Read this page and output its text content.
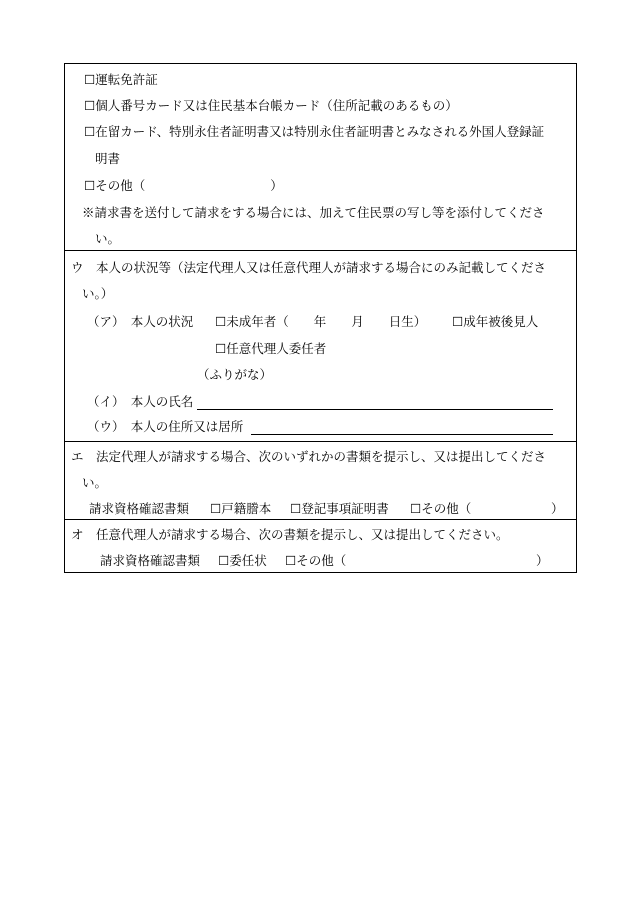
☐運転免許証
☐個人番号カード又は住民基本台帳カード（住所記載のあるもの）
☐在留カード、特別永住者証明書又は特別永住者証明書とみなされる外国人登録証
明書
☐その他（　　　　　　　　　　）
※請求書を送付して請求をする場合には、加えて住民票の写し等を添付してくださ
い。
ウ　本人の状況等（法定代理人又は任意代理人が請求する場合にのみ記載してくださ
い。）
（ア）　本人の状況 ☐未成年者（　　年　　月　　日生） ☐成年被後見人
☐任意代理人委任者
（ふりがな）
（イ）　本人の氏名
（ウ）　本人の住所又は居所
エ　法定代理人が請求する場合、次のいずれかの書類を提示し、又は提出してくださ
い。
請求資格確認書類 ☐戸籍謄本 ☐登記事項証明書 ☐その他（	）
オ　任意代理人が請求する場合、次の書類を提示し、又は提出してください。
請求資格確認書類 ☐委任状 ☐その他（	）
